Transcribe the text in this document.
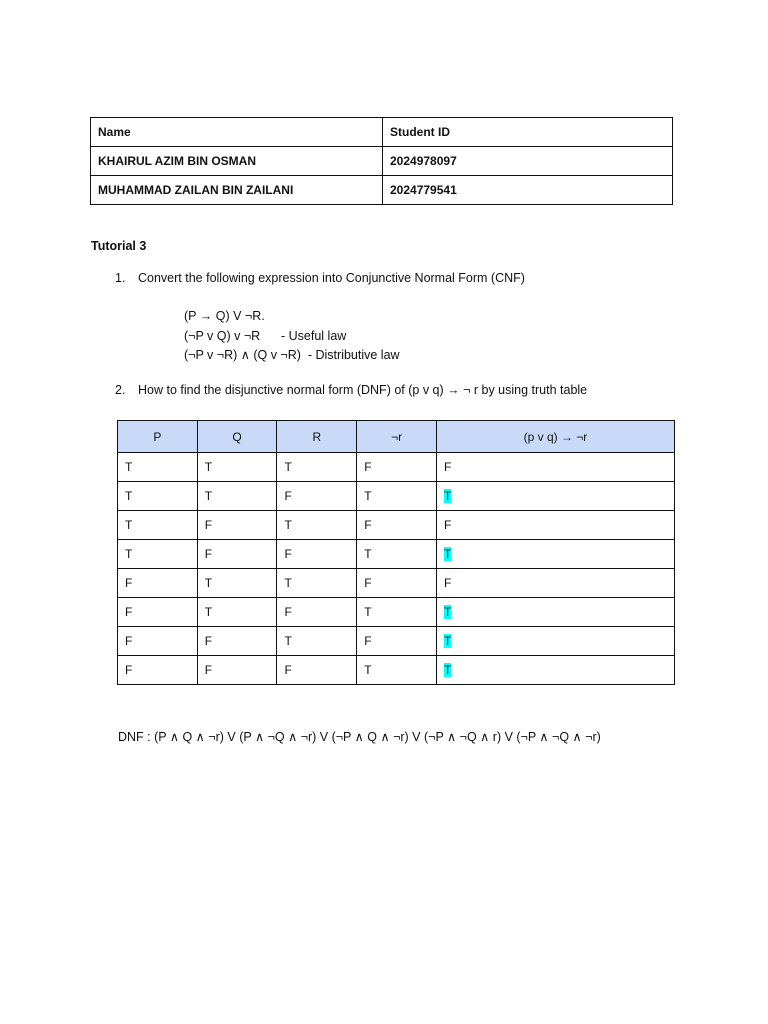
Name	Student ID
KHAIRUL AZIM BIN OSMAN	2024978097
MUHAMMAD ZAILAN BIN ZAILANI	2024779541
Tutorial 3
1. Convert the following expression into Conjunctive Normal Form (CNF)
(P → Q) V ¬R.
(¬P v Q) v ¬R      - Useful law
(¬P v ¬R) ∧ (Q v ¬R)  - Distributive law
2. How to find the disjunctive normal form (DNF) of (p v q) → ¬ r by using truth table
P	Q	R	¬r	(p v q) → ¬r
T	T	T	F	F
T	T	F	T	T
T	F	T	F	F
T	F	F	T	T
F	T	T	F	F
F	T	F	T	T
F	F	T	F	T
F	F	F	T	T
DNF : (P ∧ Q ∧ ¬r) V (P ∧ ¬Q ∧ ¬r) V (¬P ∧ Q ∧ ¬r) V (¬P ∧ ¬Q ∧ r) V (¬P ∧ ¬Q ∧ ¬r)
